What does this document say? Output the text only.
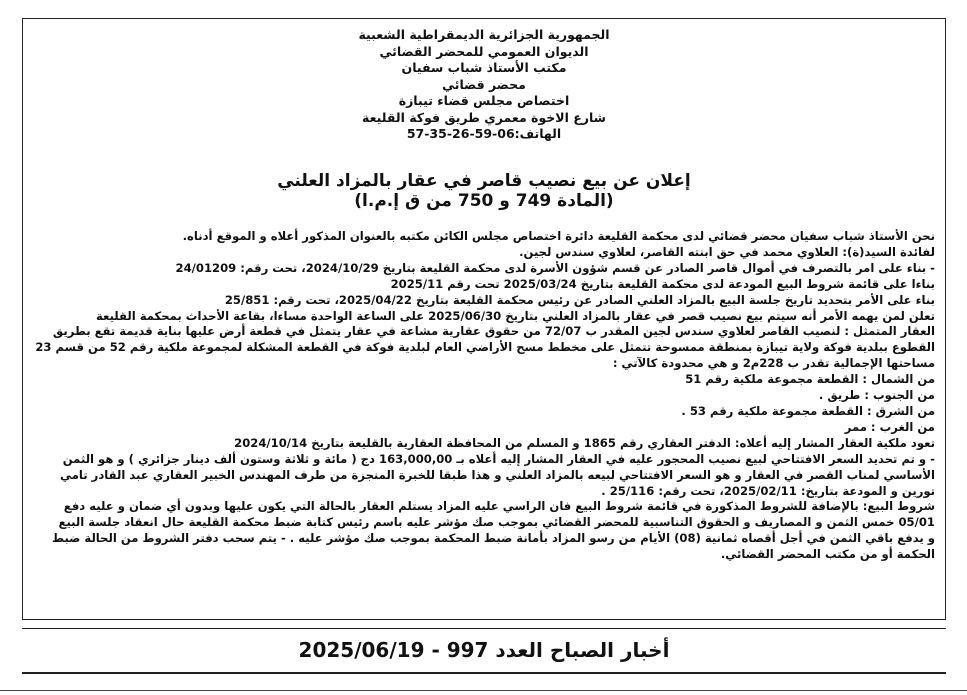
الجمهورية الجزائرية الديمقراطية الشعبية
الديوان العمومي للمحضر القضائي
مكتب الأستاذ شباب سفيان
محضر قضائي
اختصاص مجلس قضاء تيبازة
شارع الاخوة معمري طريق فوكة القليعة
الهاتف:06-59-26-35-57
إعلان عن بيع نصيب قاصر في عقار بالمزاد العلني
(المادة 749 و 750 من ق إ.م.ا)
نحن الأستاذ شباب سفيان محضر قضائي لدى محكمة القليعة دائرة اختصاص مجلس الكائن مكتبه بالعنوان المذكور أعلاه و الموقع أدناه.
لفائدة السيد(ة): العلاوي محمد في حق ابنته القاصر، لعلاوي سندس لجين.
- بناء على امر بالتصرف في أموال قاصر الصادر عن قسم شؤون الأسرة لدى محكمة القليعة بتاريخ 2024/10/29، تحت رقم: 24/01209
بناءا على قائمة شروط البيع المودعة لدى محكمة القليعة بتاريخ 2025/03/24 تحت رقم 2025/11
بناء على الأمر بتحديد تاريخ جلسة البيع بالمزاد العلني الصادر عن رئيس محكمة القليعة بتاريخ 2025/04/22، تحت رقم: 25/851
تعلن لمن يهمه الأمر أنه سيتم بيع نصيب قصر في عقار بالمزاد العلني بتاريخ 2025/06/30 على الساعة الواحدة مساءا، بقاعة الأحداث بمحكمة القليعة
العقار المتمثل : لنصيب القاصر لعلاوي سندس لجين المقدر ب 72/07 من حقوق عقارية مشاعة في عقار يتمثل في قطعة أرض عليها بناية قديمة تقع بطريق
القطوع ببلدية فوكة ولاية تيبازة بمنطقة ممسوحة تتمثل على مخطط مسح الأراضي العام لبلدية فوكة في القطعة المشكلة لمجموعة ملكية رقم 52 من قسم 23
مساحتها الإجمالية تقدر ب 228م2 و هي محدودة كالآتي :
من الشمال : القطعة مجموعة ملكية رقم 51
من الجنوب : طريق .
من الشرق : القطعة مجموعة ملكية رقم 53 .
من الغرب : ممر
تعود ملكية العقار المشار إليه أعلاه: الدفتر العقاري رقم 1865 و المسلم من المحافظة العقارية بالقليعة بتاريخ 2024/10/14
- و تم تحديد السعر الافتتاحي لبيع نصيب المحجور عليه في العقار المشار إليه أعلاه بـ 163,000,00 دج ( مائة و ثلاثة وستون ألف دينار جزائري ) و هو الثمن
الأساسي لمناب القصر في العقار و هو السعر الافتتاحي لبيعه بالمزاد العلني و هذا طبقا للخبرة المنجزة من طرف المهندس الخبير العقاري عبد القادر تامي
تورين و المودعة بتاريخ: 2025/02/11، تحت رقم: 25/116 .
شروط البيع: بالإضافة للشروط المذكورة في قائمة شروط البيع فان الراسي عليه المزاد يستلم العقار بالحالة التي يكون عليها وبدون أي ضمان و عليه دفع
05/01 خمس الثمن و المصاريف و الحقوق التناسبية للمحضر القضائي بموجب صك مؤشر عليه باسم رئيس كتابة ضبط محكمة القليعة حال انعقاد جلسة البيع
و يدفع باقي الثمن في أجل أقصاه ثمانية (08) الأيام من رسو المزاد بأمانة ضبط المحكمة بموجب صك مؤشر عليه . - يتم سحب دفتر الشروط من الحالة ضبط
الحكمة أو من مكتب المحضر القضائي.
أخبار الصباح العدد 997 - 2025/06/19
